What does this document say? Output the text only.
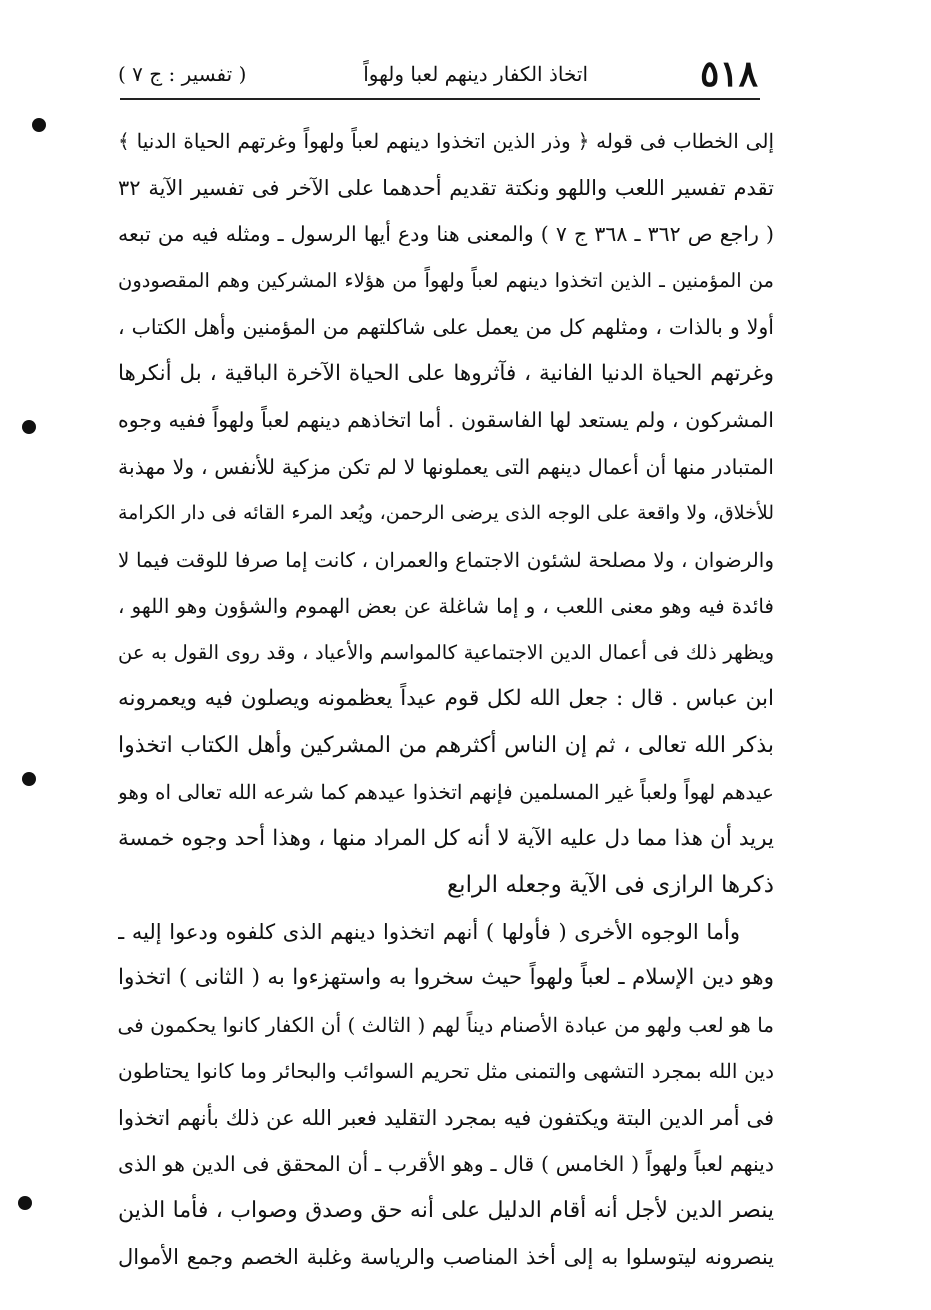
٥١٨
اتخاذ الكفار دينهم لعبا ولهواً
( تفسير : ج ٧ )
إلى الخطاب فى قوله ﴿ وذر الذين اتخذوا دينهم لعباً ولهواً وغرتهم الحياة الدنيا ﴾
تقدم تفسير اللعب واللهو ونكتة تقديم أحدهما على الآخر فى تفسير الآية ٣٢
( راجع ص ٣٦٢ ـ ٣٦٨ ج ٧ ) والمعنى هنا ودع أيها الرسول ـ ومثله فيه من تبعه
من المؤمنين ـ الذين اتخذوا دينهم لعباً ولهواً من هؤلاء المشركين وهم المقصودون
أولا و بالذات ، ومثلهم كل من يعمل على شاكلتهم من المؤمنين وأهل الكتاب ،
وغرتهم الحياة الدنيا الفانية ، فآثروها على الحياة الآخرة الباقية ، بل أنكرها
المشركون ، ولم يستعد لها الفاسقون . أما اتخاذهم دينهم لعباً ولهواً ففيه وجوه
المتبادر منها أن أعمال دينهم التى يعملونها لا لم تكن مزكية للأنفس ، ولا مهذبة
للأخلاق، ولا واقعة على الوجه الذى يرضى الرحمن، ويُعد المرء القائه فى دار الكرامة
والرضوان ، ولا مصلحة لشئون الاجتماع والعمران ، كانت إما صرفا للوقت فيما لا
فائدة فيه وهو معنى اللعب ، و إما شاغلة عن بعض الهموم والشؤون وهو اللهو ،
ويظهر ذلك فى أعمال الدين الاجتماعية كالمواسم والأعياد ، وقد روى القول به عن
ابن عباس . قال : جعل الله لكل قوم عيداً يعظمونه ويصلون فيه ويعمرونه
بذكر الله تعالى ، ثم إن الناس أكثرهم من المشركين وأهل الكتاب اتخذوا
عيدهم لهواً ولعباً غير المسلمين فإنهم اتخذوا عيدهم كما شرعه الله تعالى اه وهو
يريد أن هذا مما دل عليه الآية لا أنه كل المراد منها ، وهذا أحد وجوه خمسة
ذكرها الرازى فى الآية وجعله الرابع
وأما الوجوه الأخرى ( فأولها ) أنهم اتخذوا دينهم الذى كلفوه ودعوا إليه ـ
وهو دين الإسلام ـ لعباً ولهواً حيث سخروا به واستهزءوا به ( الثانى ) اتخذوا
ما هو لعب ولهو من عبادة الأصنام ديناً لهم ( الثالث ) أن الكفار كانوا يحكمون فى
دين الله بمجرد التشهى والتمنى مثل تحريم السوائب والبحائر وما كانوا يحتاطون
فى أمر الدين البتة ويكتفون فيه بمجرد التقليد فعبر الله عن ذلك بأنهم اتخذوا
دينهم لعباً ولهواً ( الخامس ) قال ـ وهو الأقرب ـ أن المحقق فى الدين هو الذى
ينصر الدين لأجل أنه أقام الدليل على أنه حق وصدق وصواب ، فأما الذين
ينصرونه ليتوسلوا به إلى أخذ المناصب والرياسة وغلبة الخصم وجمع الأموال
